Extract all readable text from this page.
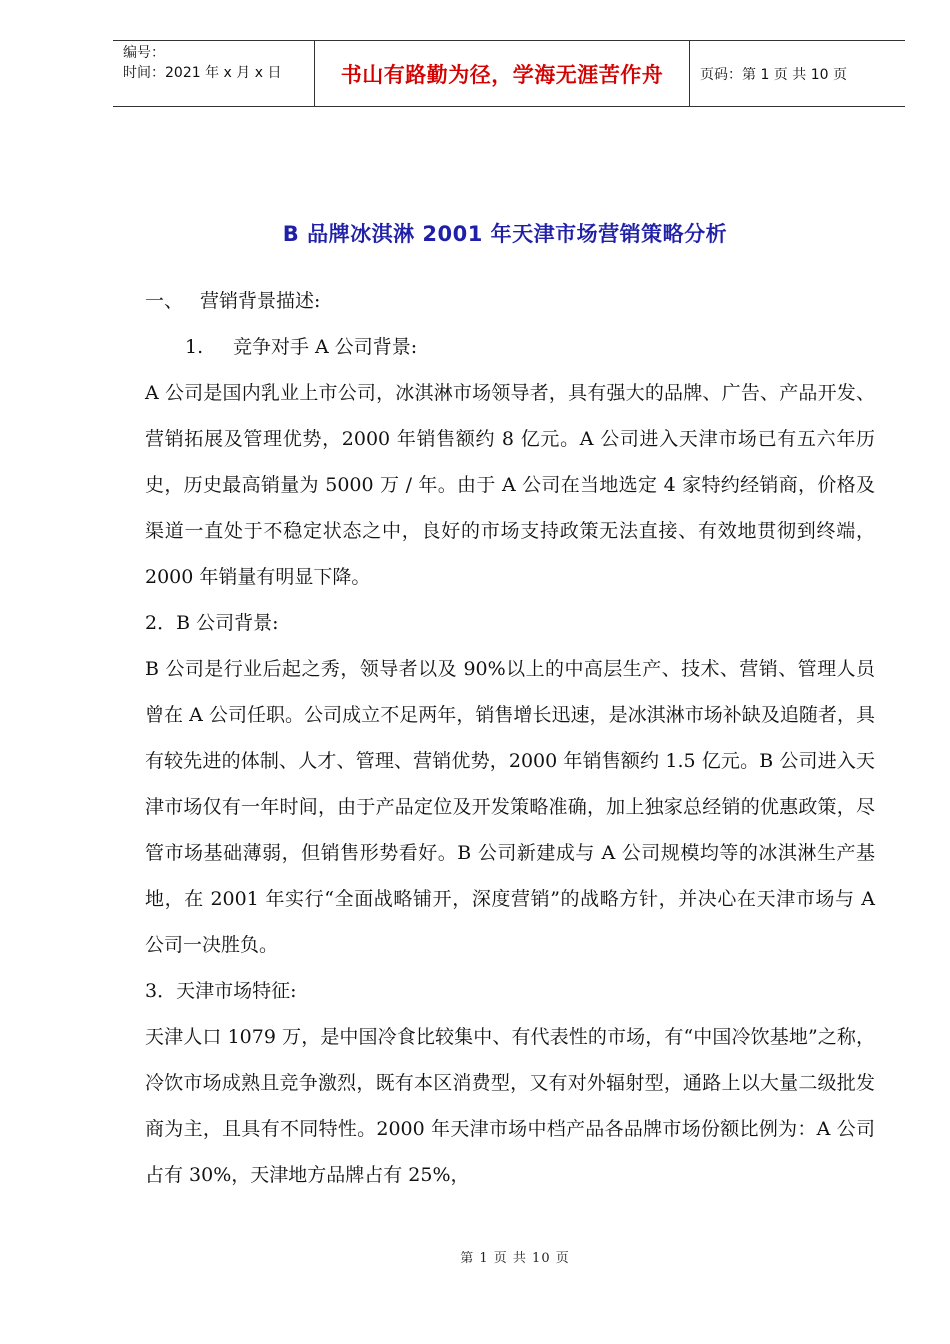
编号：
时间：2021 年 x 月 x 日	书山有路勤为径，学海无涯苦作舟	页码：第 1 页 共 10 页
B 品牌冰淇淋 2001 年天津市场营销策略分析

一、 营销背景描述:

1. 竞争对手 A 公司背景:

A 公司是国内乳业上市公司，冰淇淋市场领导者，具有强大的品牌、广告、产品开发、营销拓展及管理优势，2000 年销售额约 8 亿元。A 公司进入天津市场已有五六年历史，历史最高销量为 5000 万 / 年。由于 A 公司在当地选定 4 家特约经销商，价格及渠道一直处于不稳定状态之中，良好的市场支持政策无法直接、有效地贯彻到终端，2000 年销量有明显下降。

2．B 公司背景:

B 公司是行业后起之秀，领导者以及 90%以上的中高层生产、技术、营销、管理人员曾在 A 公司任职。公司成立不足两年，销售增长迅速，是冰淇淋市场补缺及追随者，具有较先进的体制、人才、管理、营销优势，2000 年销售额约 1.5 亿元。B 公司进入天津市场仅有一年时间，由于产品定位及开发策略准确，加上独家总经销的优惠政策，尽管市场基础薄弱，但销售形势看好。B 公司新建成与 A 公司规模均等的冰淇淋生产基地，在 2001 年实行“全面战略铺开，深度营销”的战略方针，并决心在天津市场与 A 公司一决胜负。

3．天津市场特征:

天津人口 1079 万，是中国冷食比较集中、有代表性的市场，有“中国冷饮基地”之称，冷饮市场成熟且竞争激烈，既有本区消费型，又有对外辐射型，通路上以大量二级批发商为主，且具有不同特性。2000 年天津市场中档产品各品牌市场份额比例为：A 公司占有 30%，天津地方品牌占有 25%，

第 1 页 共 10 页
